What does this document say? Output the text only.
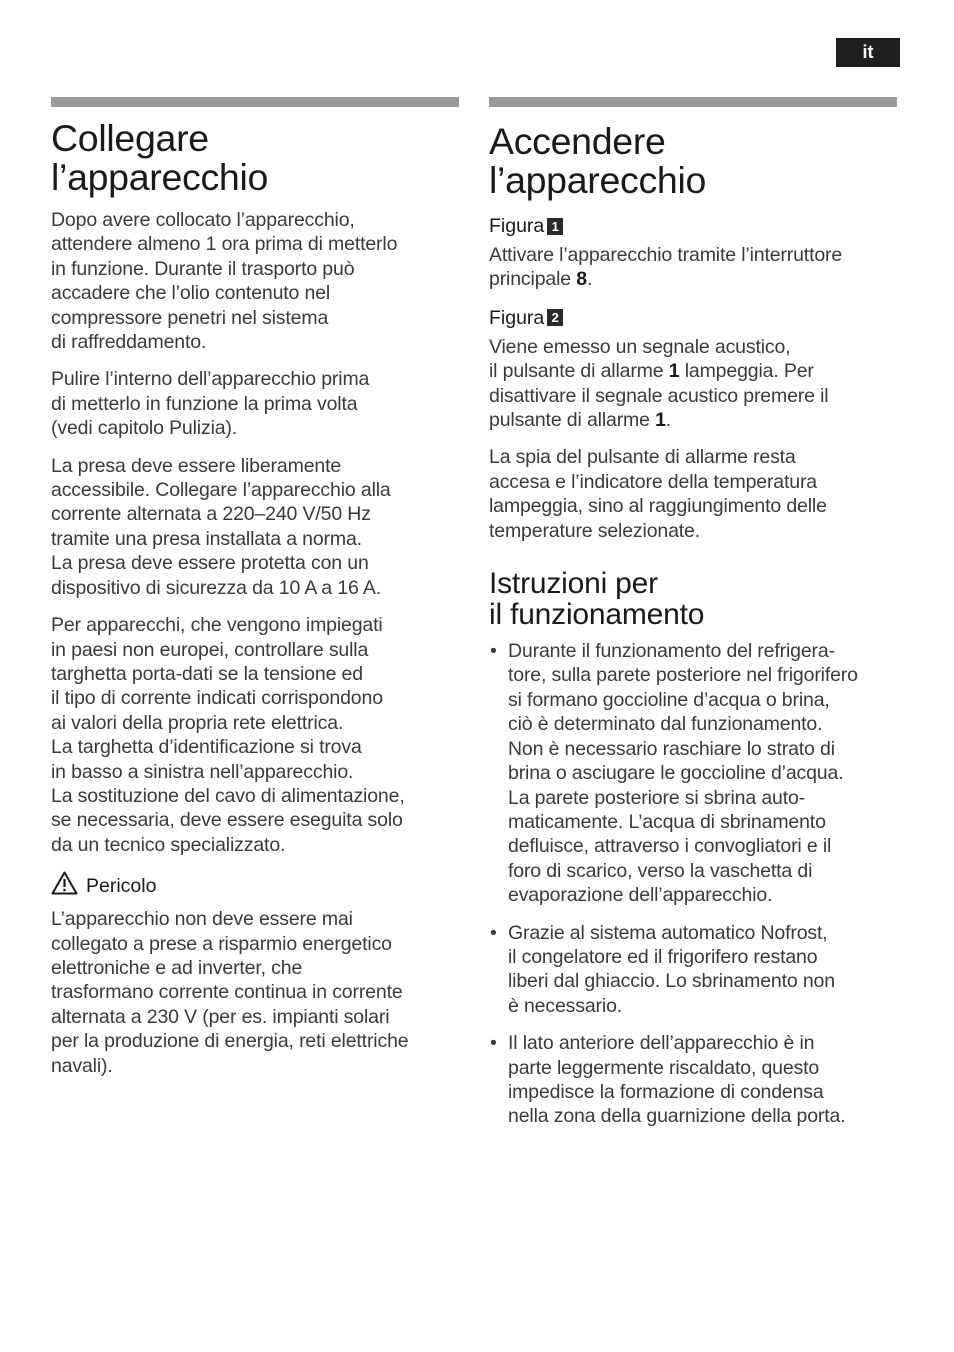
it
Collegare
l’apparecchio

Dopo avere collocato l’apparecchio,
attendere almeno 1 ora prima di metterlo
in funzione. Durante il trasporto può
accadere che l’olio contenuto nel
compressore penetri nel sistema
di raffreddamento.

Pulire l’interno dell’apparecchio prima
di metterlo in funzione la prima volta
(vedi capitolo Pulizia).

La presa deve essere liberamente
accessibile. Collegare l’apparecchio alla
corrente alternata a 220–240 V/50 Hz
tramite una presa installata a norma.
La presa deve essere protetta con un
dispositivo di sicurezza da 10 A a 16 A.

Per apparecchi, che vengono impiegati
in paesi non europei, controllare sulla
targhetta porta-dati se la tensione ed
il tipo di corrente indicati corrispondono
ai valori della propria rete elettrica.
La targhetta d’identificazione si trova
in basso a sinistra nell’apparecchio.
La sostituzione del cavo di alimentazione,
se necessaria, deve essere eseguita solo
da un tecnico specializzato.

Pericolo

L’apparecchio non deve essere mai
collegato a prese a risparmio energetico
elettroniche e ad inverter, che
trasformano corrente continua in corrente
alternata a 230 V (per es. impianti solari
per la produzione di energia, reti elettriche
navali).

Accendere
l’apparecchio
Figura 1

Attivare l’apparecchio tramite l’interruttore
principale 8.

Figura 2

Viene emesso un segnale acustico,
il pulsante di allarme 1 lampeggia. Per
disattivare il segnale acustico premere il
pulsante di allarme 1.

La spia del pulsante di allarme resta
accesa e l’indicatore della temperatura
lampeggia, sino al raggiungimento delle
temperature selezionate.

Istruzioni per
il funzionamento
• Durante il funzionamento del refrigera-
tore, sulla parete posteriore nel frigorifero
si formano goccioline d’acqua o brina,
ciò è determinato dal funzionamento.
Non è necessario raschiare lo strato di
brina o asciugare le goccioline d’acqua.
La parete posteriore si sbrina auto-
maticamente. L’acqua di sbrinamento
defluisce, attraverso i convogliatori e il
foro di scarico, verso la vaschetta di
evaporazione dell’apparecchio.
• Grazie al sistema automatico Nofrost,
il congelatore ed il frigorifero restano
liberi dal ghiaccio. Lo sbrinamento non
è necessario.
• Il lato anteriore dell’apparecchio è in
parte leggermente riscaldato, questo
impedisce la formazione di condensa
nella zona della guarnizione della porta.
